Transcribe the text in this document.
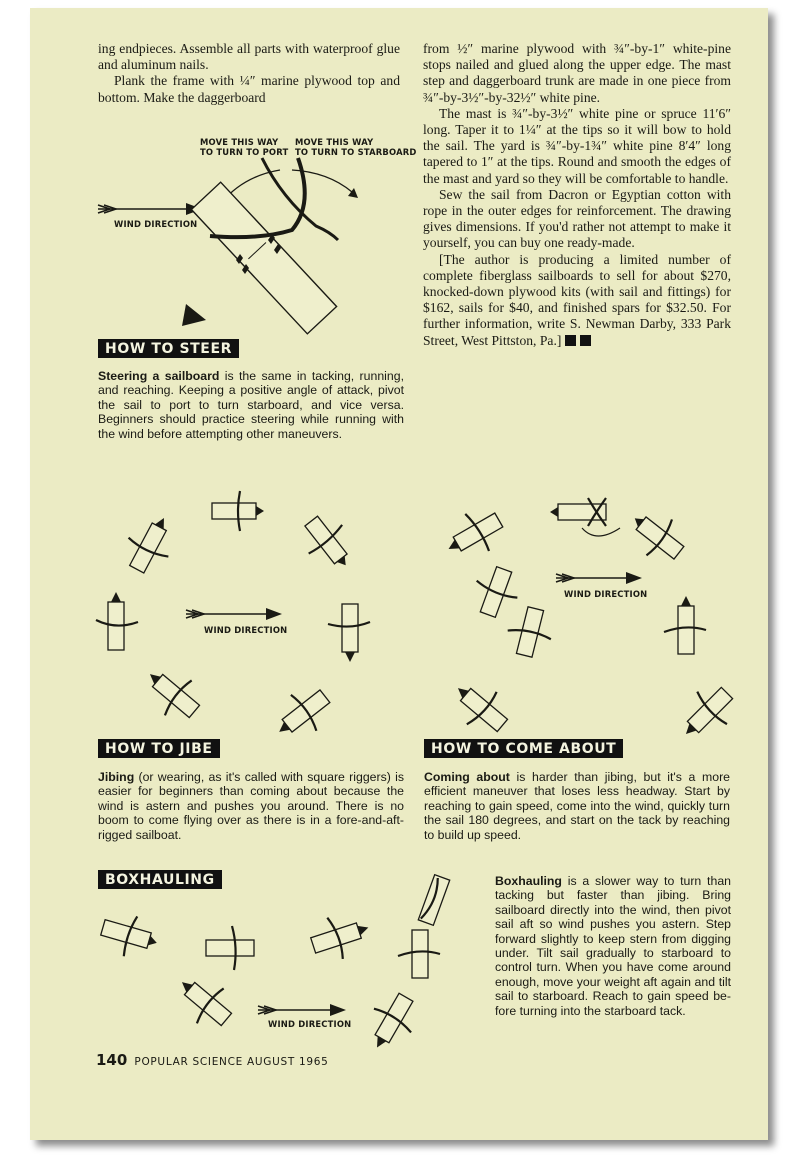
ing endpieces. Assemble all parts with waterproof glue and aluminum nails.

Plank the frame with ¼″ marine plywood top and bottom. Make the daggerboard

MOVE THIS WAY TO TURN TO PORT
MOVE THIS WAY TO TURN TO STARBOARD
WIND DIRECTION
HOW TO STEER
Steering a sailboard is the same in tacking, running, and reaching. Keeping a positive angle of attack, pivot the sail to port to turn starboard, and vice versa. Beginners should practice steering while running with the wind before attempting other maneuvers.

from ½″ marine plywood with ¾″-by-1″ white-pine stops nailed and glued along the upper edge. The mast step and daggerboard trunk are made in one piece from ¾″-by-3½″-by-32½″ white pine.

The mast is ¾″-by-3½″ white pine or spruce 11′6″ long. Taper it to 1¼″ at the tips so it will bow to hold the sail. The yard is ¾″-by-1¾″ white pine 8′4″ long tapered to 1″ at the tips. Round and smooth the edges of the mast and yard so they will be comfortable to handle.

Sew the sail from Dacron or Egyptian cotton with rope in the outer edges for reinforcement. The drawing gives dimensions. If you'd rather not attempt to make it yourself, you can buy one ready-made.

[The author is producing a limited number of complete fiberglass sailboards to sell for about $270, knocked-down plywood kits (with sail and fittings) for $162, sails for $40, and finished spars for $32.50. For further information, write S. Newman Darby, 333 Park Street, West Pittston, Pa.]

WIND DIRECTION
WIND DIRECTION
HOW TO JIBE
Jibing (or wearing, as it's called with square riggers) is easier for beginners than coming about because the wind is astern and pushes you around. There is no boom to come flying over as there is in a fore-and-aft-rigged sailboat.
HOW TO COME ABOUT
Coming about is harder than jibing, but it's a more efficient maneuver that loses less headway. Start by reaching to gain speed, come into the wind, quickly turn the sail 180 degrees, and start on the tack by reaching to build up speed.
WIND DIRECTION
BOXHAULING	Boxhauling is a slower way to turn than tacking but faster than jibing. Bring sailboard directly into the wind, then pivot sail aft so wind pushes you astern. Step forward slightly to keep stern from digging under. Tilt sail gradually to starboard to control turn. When you have come around enough, move your weight aft again and tilt sail to starboard. Reach to gain speed before turning into the starboard tack.
140 POPULAR SCIENCE AUGUST 1965
